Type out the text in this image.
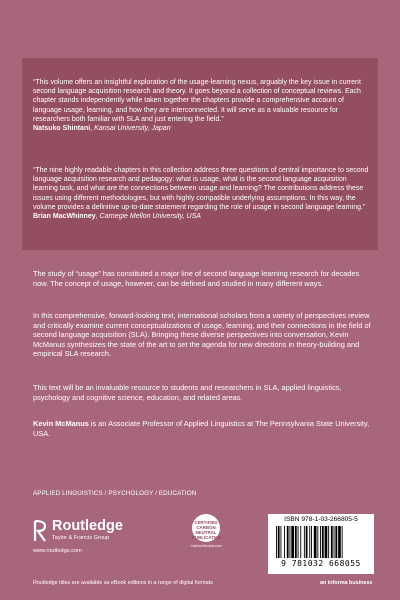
“This volume offers an insightful exploration of the usage-learning nexus, arguably the key issue in current second language acquisition research and theory. It goes beyond a collection of conceptual reviews. Each chapter stands independently while taken together the chapters provide a comprehensive account of language usage, learning, and how they are interconnected. It will serve as a valuable resource for researchers both familiar with SLA and just entering the field.”
Natsuko Shintani, Kansai University, Japan

“The nine highly readable chapters in this collection address three questions of central importance to second language acquisition research and pedagogy: what is usage, what is the second language acquisition learning task, and what are the connections between usage and learning? The contributions address these issues using different methodologies, but with highly compatible underlying assumptions. In this way, the volume provides a definitive up-to-date statement regarding the role of usage in second language learning.”
Brian MacWhinney, Carnegie Mellon University, USA

The study of “usage” has constituted a major line of second language learning research for decades now. The concept of usage, however, can be defined and studied in many different ways.

In this comprehensive, forward-looking text, international scholars from a variety of perspectives review and critically examine current conceptualizations of usage, learning, and their connections in the field of second language acquisition (SLA). Bringing these diverse perspectives into conversation, Kevin McManus synthesizes the state of the art to set the agenda for new directions in theory-building and empirical SLA research.

This text will be an invaluable resource to students and researchers in SLA, applied linguistics, psychology and cognitive science, education, and related areas.

Kevin McManus is an Associate Professor of Applied Linguistics at The Pennsylvania State University, USA.

APPLIED LINGUISTICS / PSYCHOLOGY / EDUCATION
Routledge
Taylor & Francis Group
www.routledge.com
CERTIFIED
CARBON
NEUTRAL
PUBLICATION
CarbonNeutral.com
ISBN 978-1-03-266805-5
9 781032 668055
Routledge titles are available as eBook editions in a range of digital formats	an informa business
